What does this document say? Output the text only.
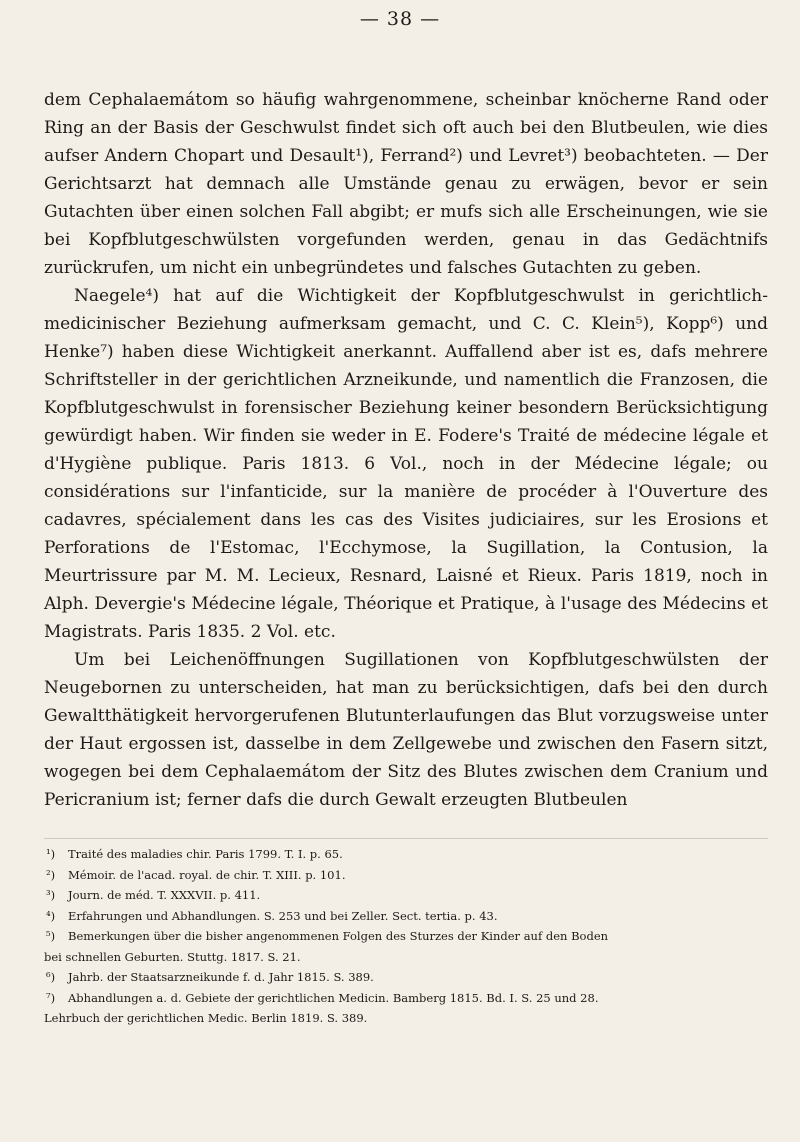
— 38 —

dem Cephalaemátom so häufig wahrgenommene, scheinbar knöcherne Rand oder Ring an der Basis der Geschwulst findet sich oft auch bei den Blutbeulen, wie dies aufser Andern Chopart und Desault¹), Ferrand²) und Levret³) beobachteten. — Der Gerichtsarzt hat demnach alle Umstände genau zu erwägen, bevor er sein Gutachten über einen solchen Fall abgibt; er mufs sich alle Erscheinungen, wie sie bei Kopfblutgeschwülsten vorgefunden werden, genau in das Gedächtnifs zurückrufen, um nicht ein unbegründetes und falsches Gutachten zu geben.

Naegele⁴) hat auf die Wichtigkeit der Kopfblutgeschwulst in gerichtlich-medicinischer Beziehung aufmerksam gemacht, und C. C. Klein⁵), Kopp⁶) und Henke⁷) haben diese Wichtigkeit anerkannt. Auffallend aber ist es, dafs mehrere Schriftsteller in der gerichtlichen Arzneikunde, und namentlich die Franzosen, die Kopfblutgeschwulst in forensischer Beziehung keiner besondern Berücksichtigung gewürdigt haben. Wir finden sie weder in E. Fodere's Traité de médecine légale et d'Hygiène publique. Paris 1813. 6 Vol., noch in der Médecine légale; ou considérations sur l'infanticide, sur la manière de procéder à l'Ouverture des cadavres, spécialement dans les cas des Visites judiciaires, sur les Erosions et Perforations de l'Estomac, l'Ecchymose, la Sugillation, la Contusion, la Meurtrissure par M. M. Lecieux, Resnard, Laisné et Rieux. Paris 1819, noch in Alph. Devergie's Médecine légale, Théorique et Pratique, à l'usage des Médecins et Magistrats. Paris 1835. 2 Vol. etc.

Um bei Leichenöffnungen Sugillationen von Kopfblutgeschwülsten der Neugebornen zu unterscheiden, hat man zu berücksichtigen, dafs bei den durch Gewaltthätigkeit hervorgerufenen Blutunterlaufungen das Blut vorzugsweise unter der Haut ergossen ist, dasselbe in dem Zellgewebe und zwischen den Fasern sitzt, wogegen bei dem Cephalaemátom der Sitz des Blutes zwischen dem Cranium und Pericranium ist; ferner dafs die durch Gewalt erzeugten Blutbeulen

¹) Traité des maladies chir. Paris 1799. T. I. p. 65.
²) Mémoir. de l'acad. royal. de chir. T. XIII. p. 101.
³) Journ. de méd. T. XXXVII. p. 411.
⁴) Erfahrungen und Abhandlungen. S. 253 und bei Zeller. Sect. tertia. p. 43.
⁵) Bemerkungen über die bisher angenommenen Folgen des Sturzes der Kinder auf den Boden
bei schnellen Geburten. Stuttg. 1817. S. 21.
⁶) Jahrb. der Staatsarzneikunde f. d. Jahr 1815. S. 389.
⁷) Abhandlungen a. d. Gebiete der gerichtlichen Medicin. Bamberg 1815. Bd. I. S. 25 und 28.
Lehrbuch der gerichtlichen Medic. Berlin 1819. S. 389.
